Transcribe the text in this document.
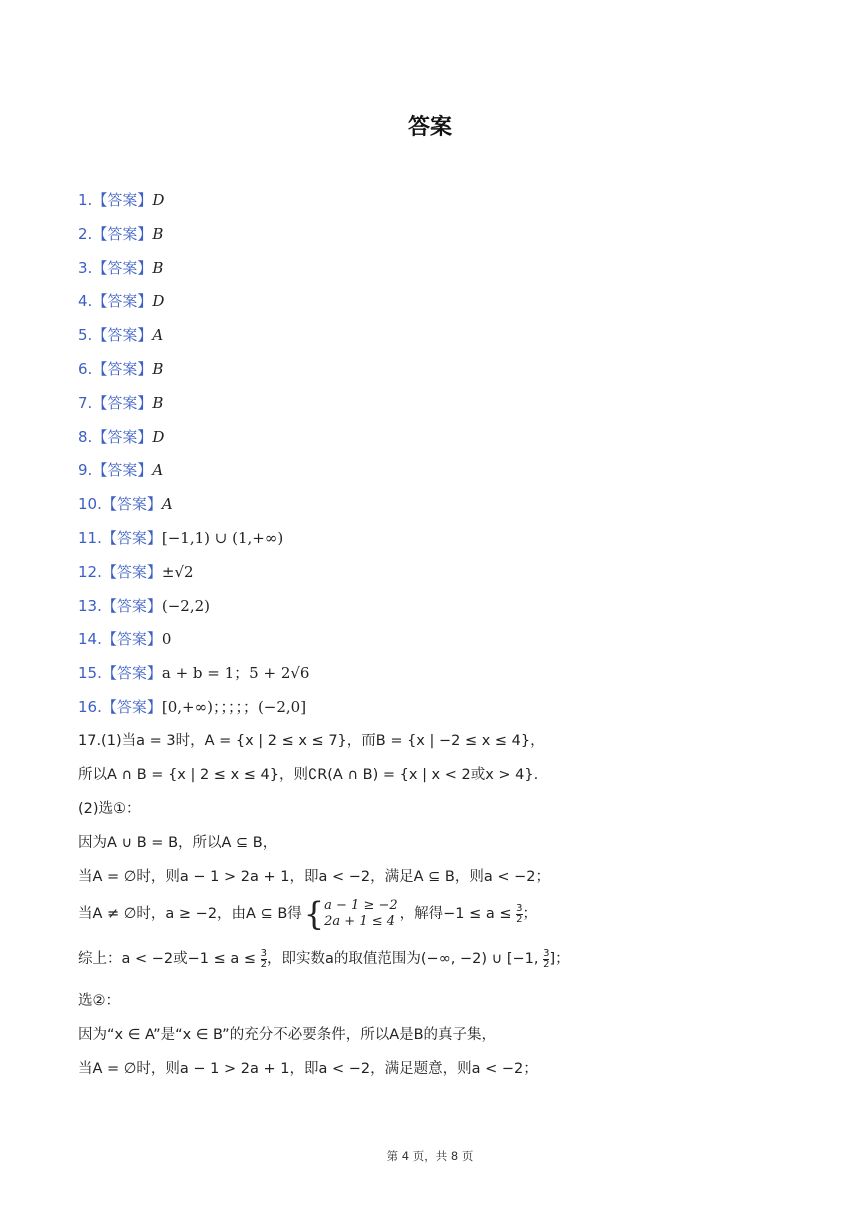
答案
1.【答案】D
2.【答案】B
3.【答案】B
4.【答案】D
5.【答案】A
6.【答案】B
7.【答案】B
8.【答案】D
9.【答案】A
10.【答案】A
11.【答案】[−1,1) ∪ (1,+∞)
12.【答案】±√2
13.【答案】(−2,2)
14.【答案】0
15.【答案】a + b = 1；5 + 2√6
16.【答案】[0,+∞)；；；；；(−2,0]
17.(1)当a = 3时，A = {x | 2 ≤ x ≤ 7}，而B = {x | −2 ≤ x ≤ 4}，
所以A ∩ B = {x | 2 ≤ x ≤ 4}，则∁R(A ∩ B) = {x | x < 2或x > 4}.
(2)选①：
因为A ∪ B = B，所以A ⊆ B，
当A = ∅时，则a − 1 > 2a + 1，即a < −2，满足A ⊆ B，则a < −2；
当A ≠ ∅时，a ≥ −2，由A ⊆ B得{ a − 1 ≥ −2
2a + 1 ≤ 4 ，解得$-1 \le a \le \frac{3}{2}$ ；
综上：a < −2或$-1 \le a \le \frac{3}{2}$ ，即实数a的取值范围为(−∞, −2) ∪ [−1, $\frac{3}{2}$ ]；
选②：
因为“x ∈ A”是“x ∈ B”的充分不必要条件，所以A是B的真子集，
当A = ∅时，则a − 1 > 2a + 1，即a < −2，满足题意，则a < −2；
第 4 页，共 8 页
